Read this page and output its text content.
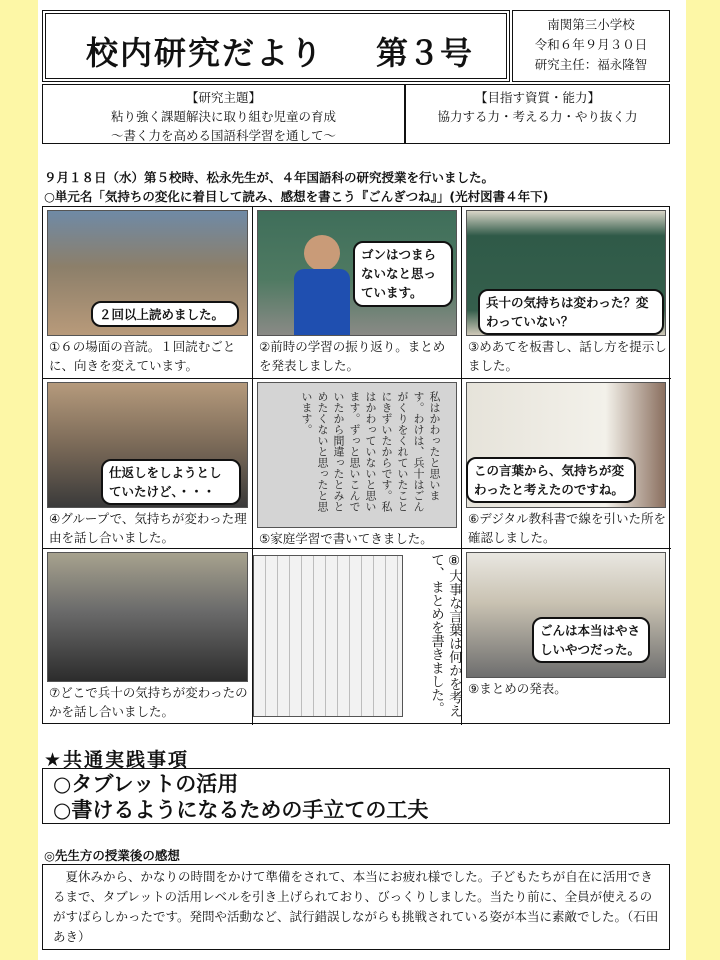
校内研究だより 第３号
南関第三小学校
令和６年９月３０日
研究主任：福永隆智
【研究主題】
粘り強く課題解決に取り組む児童の育成
～書く力を高める国語科学習を通して～
【目指す資質・能力】
協力する力・考える力・やり抜く力
９月１８日（水）第５校時、松永先生が、４年国語科の研究授業を行いました。
○単元名「気持ちの変化に着目して読み、感想を書こう『ごんぎつね』」(光村図書４年下)
２回以上読めました。
①６の場面の音読。１回読むごとに、向きを変えています。
ゴンはつまらないなと思っています。
②前時の学習の振り返り。まとめを発表しました。
兵十の気持ちは変わった？変わっていない？
③めあてを板書し、話し方を提示しました。
仕返しをしようとしていたけど、・・・
④グループで、気持ちが変わった理由を話し合いました。
私はかわったと思います。わけは、兵十はごんがくりをくれていたことにきずいたからです。私はかわっていないと思います。ずっと思いこんでいたから間違ったとみとめたくないと思ったと思います。
⑤家庭学習で書いてきました。
この言葉から、気持ちが変わったと考えたのですね。
⑥デジタル教科書で線を引いた所を確認しました。
⑦どこで兵十の気持ちが変わったのかを話し合いました。	⑧大事な言葉は何かを考えて、まとめを書きました。	ごんは本当はやさしいやつだった。
⑨まとめの発表。
★共通実践事項
○タブレットの活用
○書けるようになるための手立ての工夫
◎先生方の授業後の感想
夏休みから、かなりの時間をかけて準備をされて、本当にお疲れ様でした。子どもたちが自在に活用できるまで、タブレットの活用レベルを引き上げられており、びっくりしました。当たり前に、全員が使えるのがすばらしかったです。発問や活動など、試行錯誤しながらも挑戦されている姿が本当に素敵でした。（石田あき）
